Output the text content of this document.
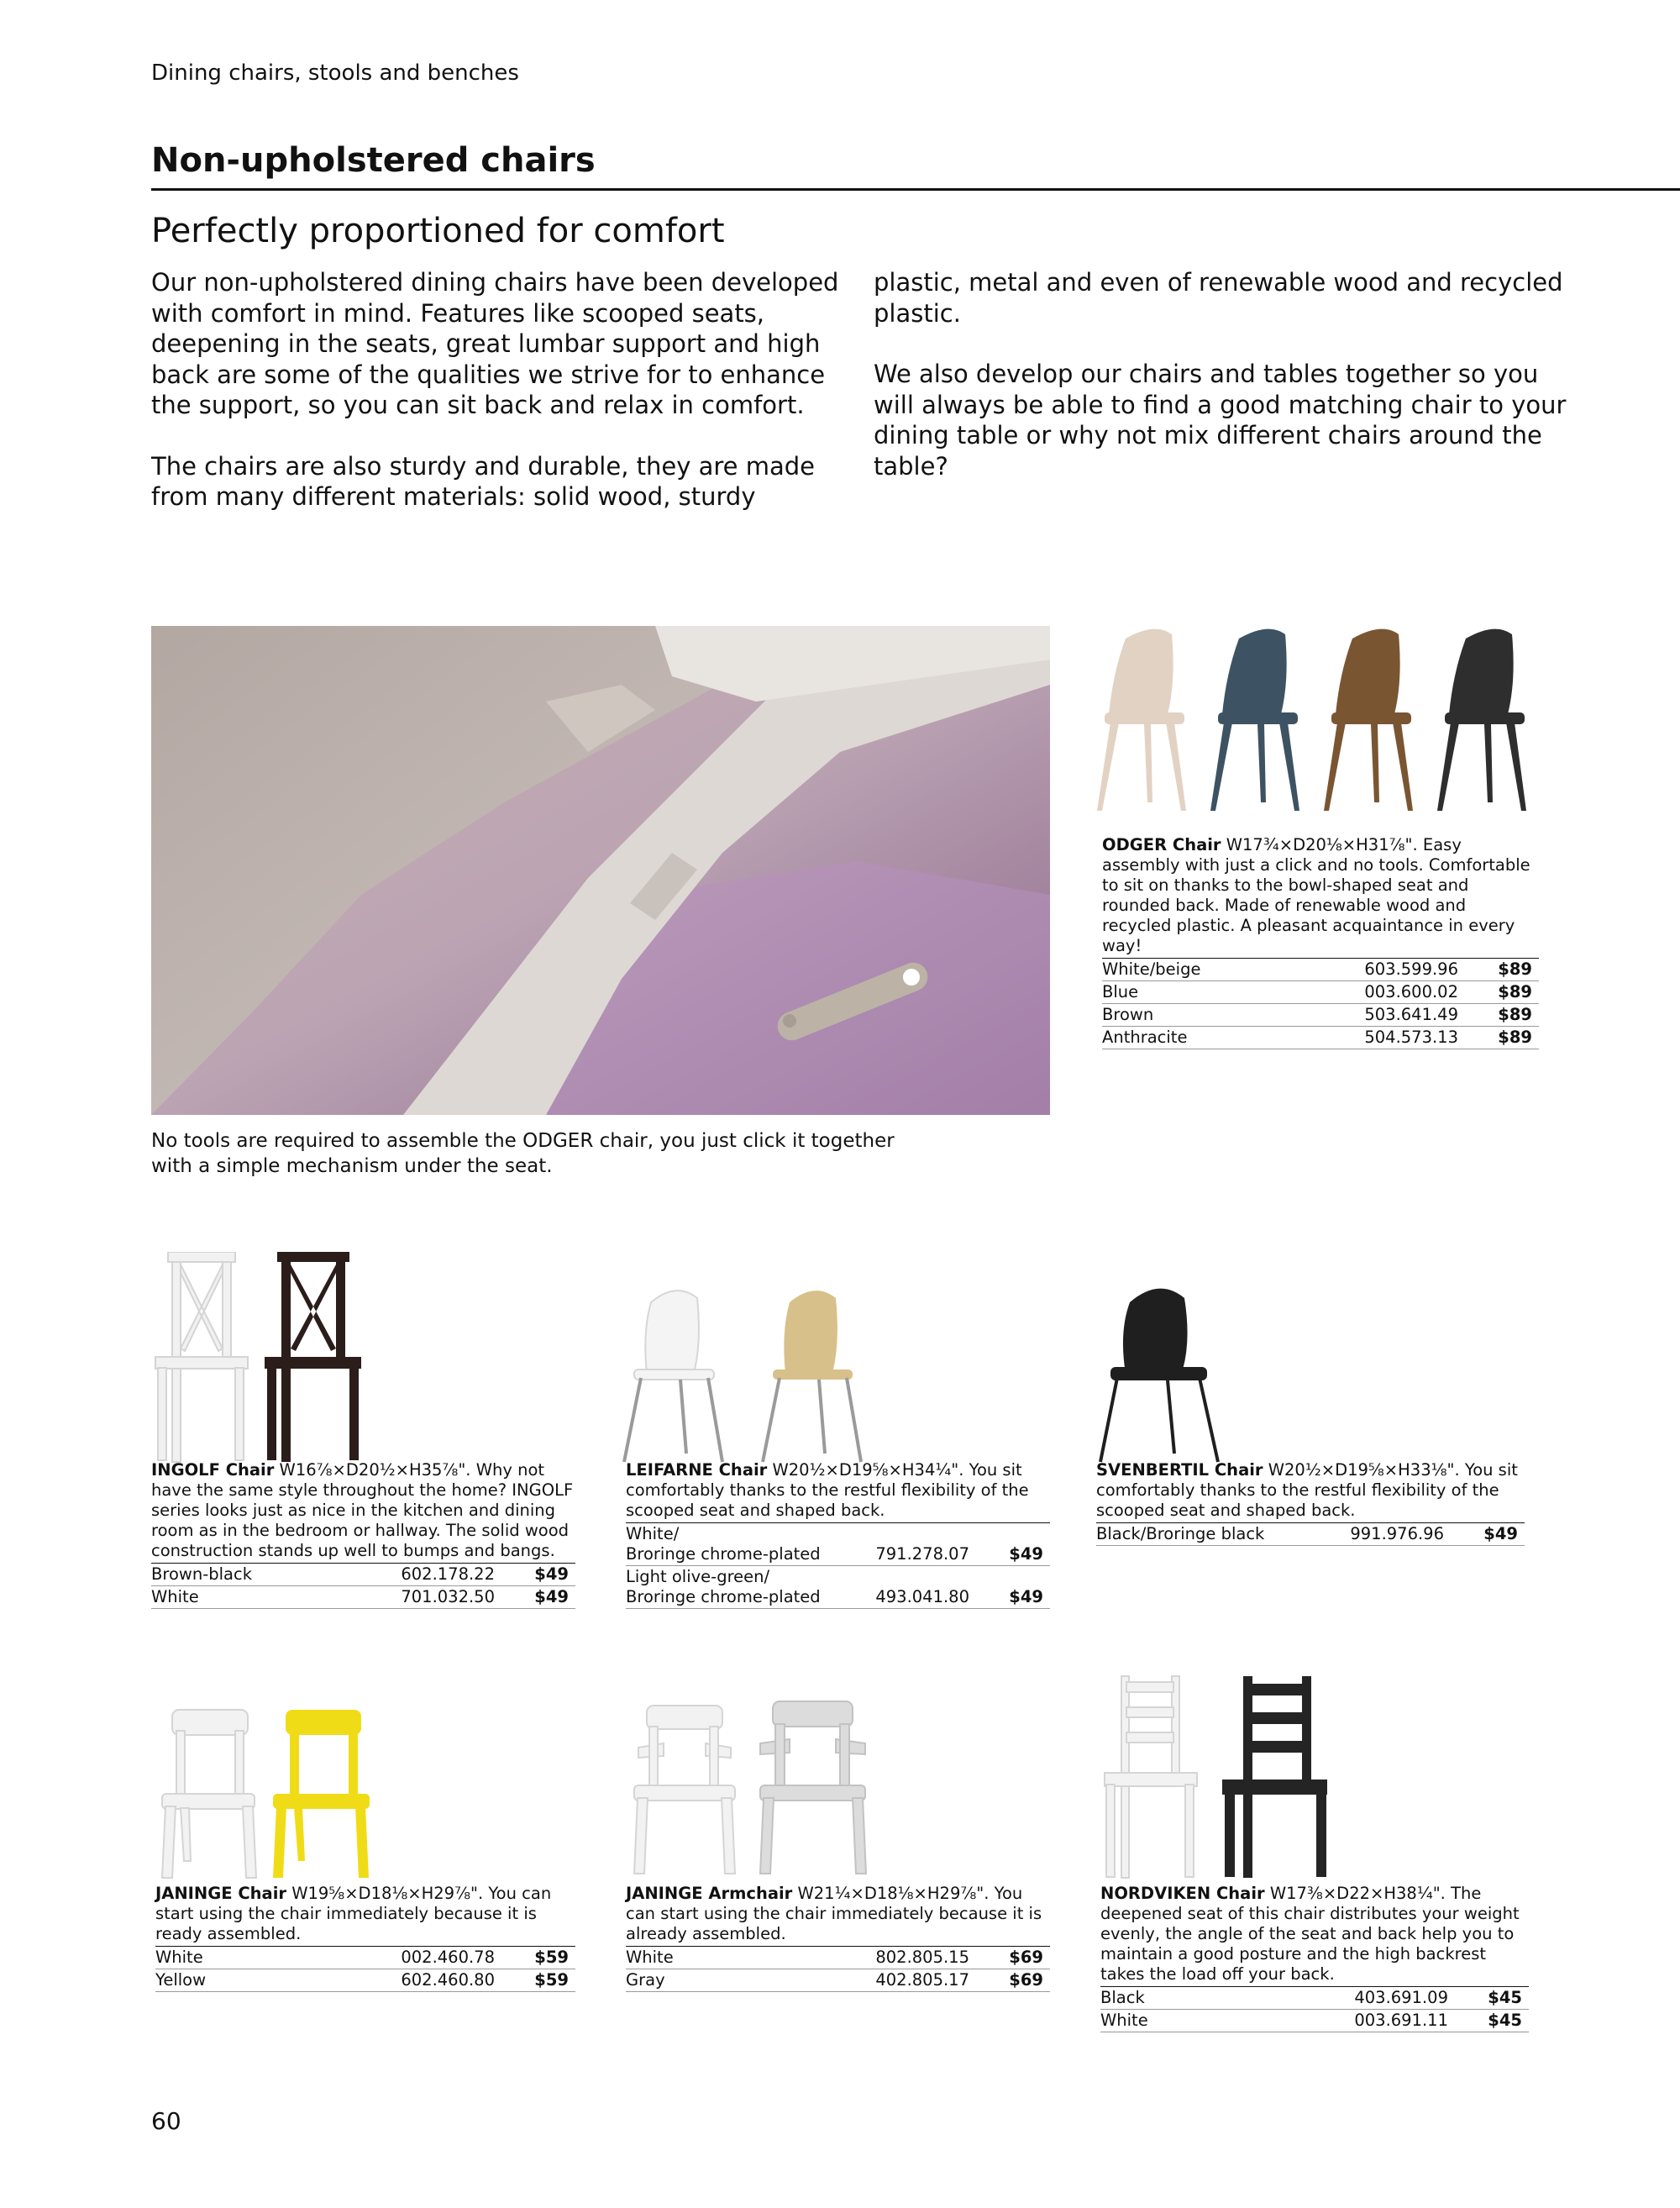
Dining chairs, stools and benches
Non-upholstered chairs
Perfectly proportioned for comfort

Our non-upholstered dining chairs have been developed with comfort in mind. Features like scooped seats, deepening in the seats, great lumbar support and high back are some of the qualities we strive for to enhance the support, so you can sit back and relax in comfort.

The chairs are also sturdy and durable, they are made from many different materials: solid wood, sturdy

plastic, metal and even of renewable wood and recycled plastic.

We also develop our chairs and tables together so you will always be able to find a good matching chair to your dining table or why not mix different chairs around the table?

No tools are required to assemble the ODGER chair, you just click it together with a simple mechanism under the seat.
ODGER Chair W17¾×D20⅛×H31⅞". Easy assembly with just a click and no tools. Comfortable to sit on thanks to the bowl-shaped seat and rounded back. Made of renewable wood and recycled plastic. A pleasant acquaintance in every way!
White/beige	603.599.96	$89
Blue	003.600.02	$89
Brown	503.641.49	$89
Anthracite	504.573.13	$89
INGOLF Chair W16⅞×D20½×H35⅞". Why not have the same style throughout the home? INGOLF series looks just as nice in the kitchen and dining room as in the bedroom or hallway. The solid wood construction stands up well to bumps and bangs.
Brown-black	602.178.22	$49
White	701.032.50	$49
LEIFARNE Chair W20½×D19⅝×H34¼". You sit comfortably thanks to the restful flexibility of the scooped seat and shaped back.
White/
Broringe chrome-plated	791.278.07	$49
Light olive-green/
Broringe chrome-plated	493.041.80	$49
SVENBERTIL Chair W20½×D19⅝×H33⅛". You sit comfortably thanks to the restful flexibility of the scooped seat and shaped back.
Black/Broringe black	991.976.96	$49
JANINGE Chair W19⅝×D18⅛×H29⅞". You can start using the chair immediately because it is ready assembled.
White	002.460.78	$59
Yellow	602.460.80	$59
JANINGE Armchair W21¼×D18⅛×H29⅞". You can start using the chair immediately because it is already assembled.
White	802.805.15	$69
Gray	402.805.17	$69
NORDVIKEN Chair W17⅜×D22×H38¼". The deepened seat of this chair distributes your weight evenly, the angle of the seat and back help you to maintain a good posture and the high backrest takes the load off your back.
Black	403.691.09	$45
White	003.691.11	$45
60
